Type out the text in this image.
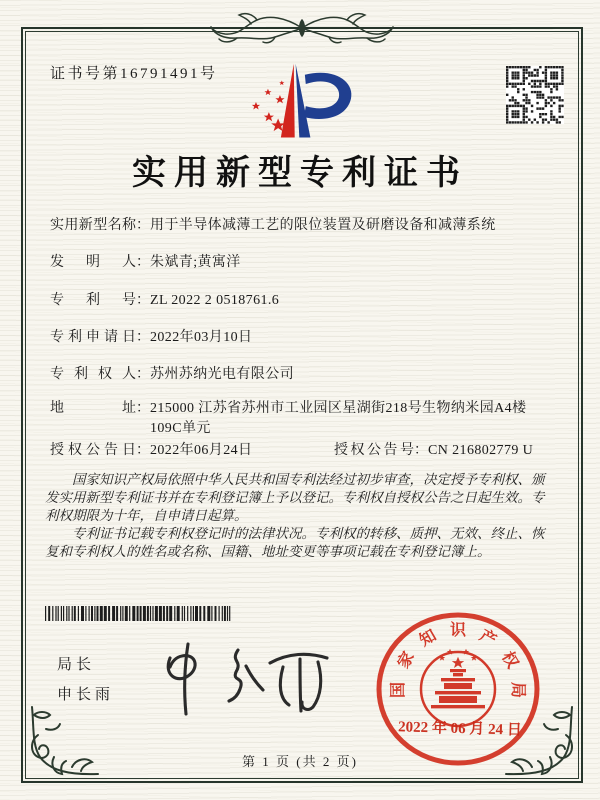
证书号第16791491号
实用新型专利证书
实用新型名称：用于半导体减薄工艺的限位装置及研磨设备和减薄系统
发明人：朱斌青;黄寓洋
专利号：ZL 2022 2 0518761.6
专利申请日：2022年03月10日
专利权人：苏州苏纳光电有限公司
地址：215000 江苏省苏州市工业园区星湖街218号生物纳米园A4楼109C单元
授权公告日：2022年06月24日	授权公告号：CN 216802779 U

国家知识产权局依照中华人民共和国专利法经过初步审查，决定授予专利权、颁发实用新型专利证书并在专利登记簿上予以登记。专利权自授权公告之日起生效。专利权期限为十年，自申请日起算。

专利证书记载专利权登记时的法律状况。专利权的转移、质押、无效、终止、恢复和专利权人的姓名或名称、国籍、地址变更等事项记载在专利登记簿上。

局长
申长雨	国
家
知 识 产
权
局
2022 年 06 月 24 日
第 1 页 (共 2 页)
